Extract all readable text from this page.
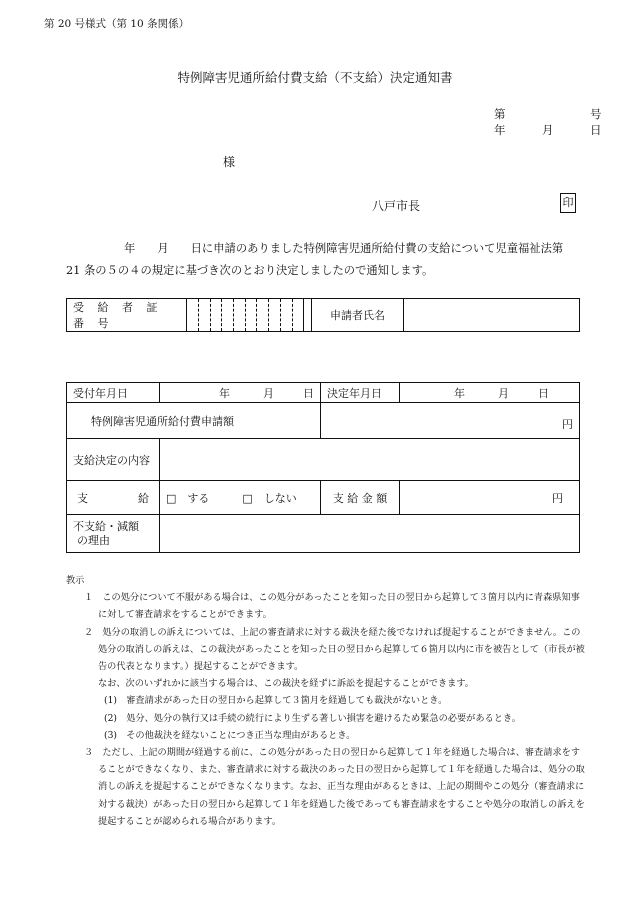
第 20 号様式（第 10 条関係）
特例障害児通所給付費支給（不支給）決定通知書
第	号
年	月	日
様
八戸市長	印
年 月 日に申請のありました特例障害児通所給付費の支給について児童福祉法第
21 条の５の４の規定に基づき次のとおり決定しましたので通知します。
受 給 者 証 番 号												申請者氏名	
受付年月日	年 月 日	決定年月日	年 月 日
特例障害児通所給付費申請額		円	
支給決定の内容			
支 給	□　する □　しない	支 給 金 額	円

不支給・減額
の理由			

教示
１　この処分について不服がある場合は、この処分があったことを知った日の翌日から起算して３箇月以内に青森県知事に対して審査請求をすることができます。
２　処分の取消しの訴えについては、上記の審査請求に対する裁決を経た後でなければ提起することができません。この処分の取消しの訴えは、この裁決があったことを知った日の翌日から起算して６箇月以内に市を被告として（市長が被告の代表となります。）提起することができます。
なお、次のいずれかに該当する場合は、この裁決を経ずに訴訟を提起することができます。
(1)　審査請求があった日の翌日から起算して３箇月を経過しても裁決がないとき。
(2)　処分、処分の執行又は手続の続行により生ずる著しい損害を避けるため緊急の必要があるとき。
(3)　その他裁決を経ないことにつき正当な理由があるとき。
３　ただし、上記の期間が経過する前に、この処分があった日の翌日から起算して１年を経過した場合は、審査請求をすることができなくなり、また、審査請求に対する裁決のあった日の翌日から起算して１年を経過した場合は、処分の取消しの訴えを提起することができなくなります。なお、正当な理由があるときは、上記の期間やこの処分（審査請求に対する裁決）があった日の翌日から起算して１年を経過した後であっても審査請求をすることや処分の取消しの訴えを提起することが認められる場合があります。
